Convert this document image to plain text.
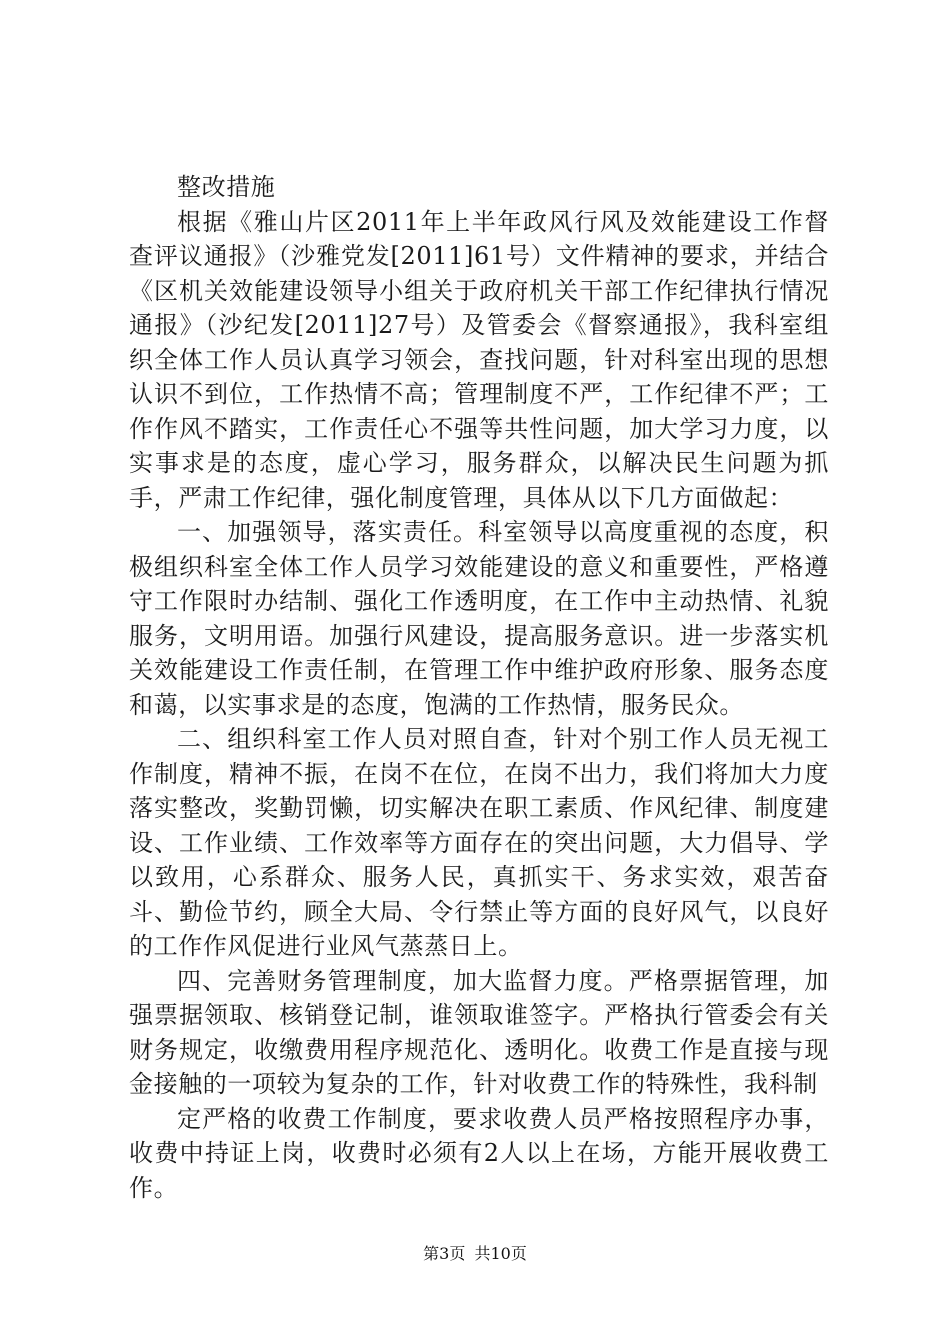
整改措施

根据《雅山片区2011年上半年政风行风及效能建设工作督查评议通报》（沙雅党发[2011]61号）文件精神的要求，并结合《区机关效能建设领导小组关于政府机关干部工作纪律执行情况通报》（沙纪发[2011]27号）及管委会《督察通报》，我科室组织全体工作人员认真学习领会，查找问题，针对科室出现的思想认识不到位，工作热情不高；管理制度不严，工作纪律不严；工作作风不踏实，工作责任心不强等共性问题，加大学习力度，以实事求是的态度，虚心学习，服务群众，以解决民生问题为抓手，严肃工作纪律，强化制度管理，具体从以下几方面做起：

一、加强领导，落实责任。科室领导以高度重视的态度，积极组织科室全体工作人员学习效能建设的意义和重要性，严格遵守工作限时办结制、强化工作透明度，在工作中主动热情、礼貌服务，文明用语。加强行风建设，提高服务意识。进一步落实机关效能建设工作责任制，在管理工作中维护政府形象、服务态度和蔼，以实事求是的态度，饱满的工作热情，服务民众。

二、组织科室工作人员对照自查，针对个别工作人员无视工作制度，精神不振，在岗不在位，在岗不出力，我们将加大力度落实整改，奖勤罚懒，切实解决在职工素质、作风纪律、制度建设、工作业绩、工作效率等方面存在的突出问题，大力倡导、学以致用，心系群众、服务人民，真抓实干、务求实效，艰苦奋斗、勤俭节约，顾全大局、令行禁止等方面的良好风气，以良好的工作作风促进行业风气蒸蒸日上。

四、完善财务管理制度，加大监督力度。严格票据管理，加强票据领取、核销登记制，谁领取谁签字。严格执行管委会有关财务规定，收缴费用程序规范化、透明化。收费工作是直接与现金接触的一项较为复杂的工作，针对收费工作的特殊性，我科制

定严格的收费工作制度，要求收费人员严格按照程序办事，收费中持证上岗，收费时必须有2人以上在场，方能开展收费工作。

第3页 共10页
